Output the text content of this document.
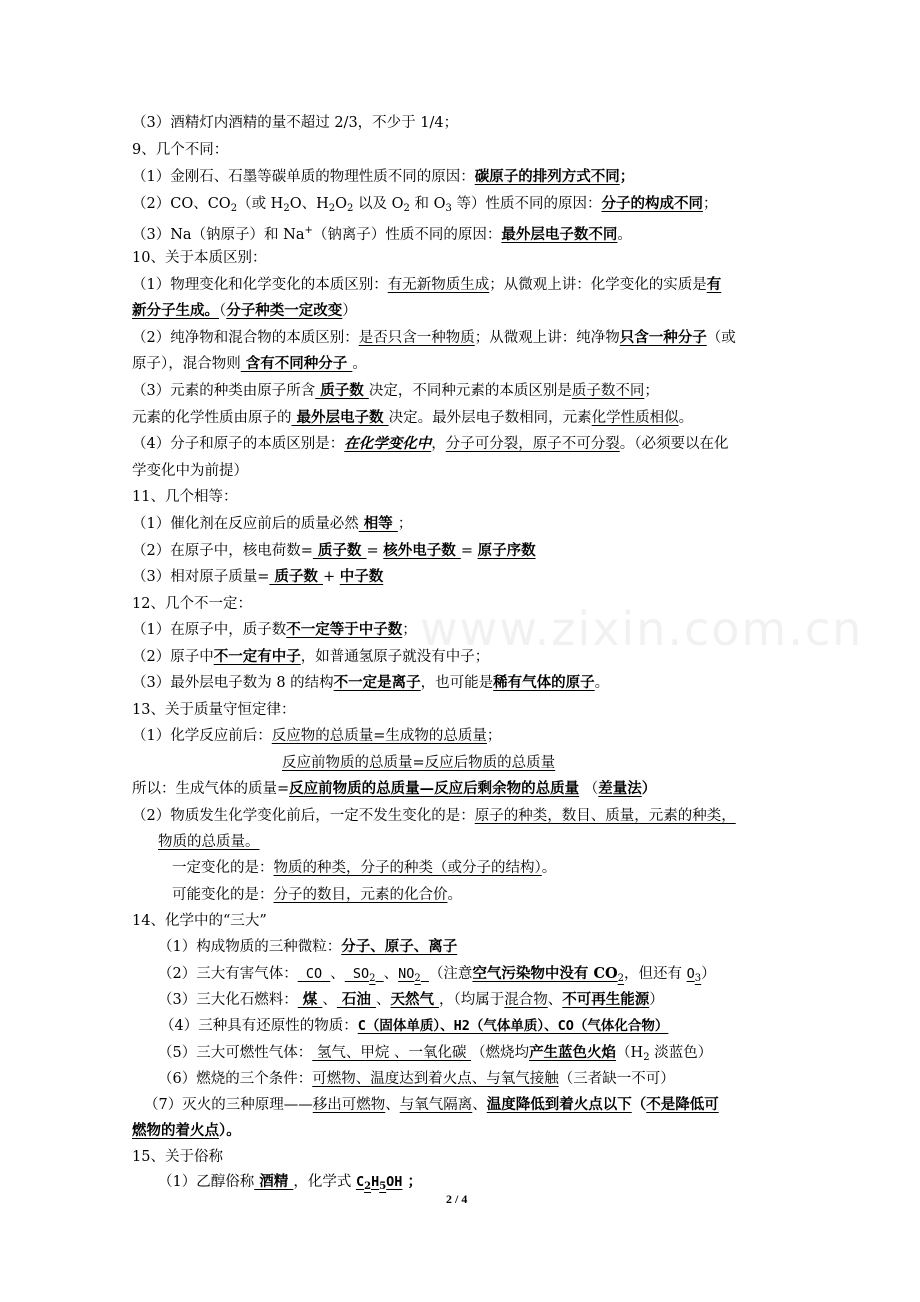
www.zixin.com.cn
（3）酒精灯内酒精的量不超过 2/3，不少于 1/4；
9、几个不同：
（1）金刚石、石墨等碳单质的物理性质不同的原因：碳原子的排列方式不同；
（2）CO、$CO_2$（或 $H_2O$、$H_2O_2$ 以及 $O_2$ 和 $O_3$ 等）性质不同的原因：分子的构成不同；
（3）Na（钠原子）和 Na+（钠离子）性质不同的原因：最外层电子数不同。
10、关于本质区别：
（1）物理变化和化学变化的本质区别：有无新物质生成；从微观上讲：化学变化的实质是有
新分子生成。（分子种类一定改变）
（2）纯净物和混合物的本质区别：是否只含一种物质；从微观上讲：纯净物只含一种分子（或
原子），混合物则 含有不同种分子 。
（3）元素的种类由原子所含 质子数 决定，不同种元素的本质区别是质子数不同；
元素的化学性质由原子的 最外层电子数 决定。最外层电子数相同，元素化学性质相似。
（4）分子和原子的本质区别是：在化学变化中，分子可分裂，原子不可分裂。（必须要以在化
学变化中为前提）
11、几个相等：
（1）催化剂在反应前后的质量必然 相等 ；
（2）在原子中，核电荷数= 质子数 = 核外电子数 = 原子序数
（3）相对原子质量= 质子数 + 中子数
12、几个不一定：
（1）在原子中，质子数不一定等于中子数；
（2）原子中不一定有中子，如普通氢原子就没有中子；
（3）最外层电子数为 8 的结构不一定是离子，也可能是稀有气体的原子。
13、关于质量守恒定律：
（1）化学反应前后：反应物的总质量=生成物的总质量；
反应前物质的总质量=反应后物质的总质量
所以：生成气体的质量=反应前物质的总质量—反应后剩余物的总质量 （差量法）
（2）物质发生化学变化前后，一定不发生变化的是：原子的种类，数目、质量，元素的种类，
物质的总质量。
一定变化的是：物质的种类，分子的种类（或分子的结构）。
可能变化的是：分子的数目，元素的化合价。
14、化学中的“三大”
（1）构成物质的三种微粒：分子、原子、离子
（2）三大有害气体： CO 、 $SO_2$ 、$NO_2$ （注意空气污染物中没有 $CO_2$，但还有 $O_3$）
（3）三大化石燃料： 煤 、 石油 、天然气 ，（均属于混合物、不可再生能源）
（4）三种具有还原性的物质：C（固体单质）、H2（气体单质）、CO（气体化合物）
（5）三大可燃性气体： 氢气、甲烷 、一氧化碳 （燃烧均产生蓝色火焰（$H_2$ 淡蓝色）
（6）燃烧的三个条件：可燃物、温度达到着火点、与氧气接触（三者缺一不可）
（7）灭火的三种原理——移出可燃物、与氧气隔离、温度降低到着火点以下（不是降低可
燃物的着火点）。
15、关于俗称
（1）乙醇俗称 酒精 ，化学式 $C_2H_5OH$ ；
2 / 4
